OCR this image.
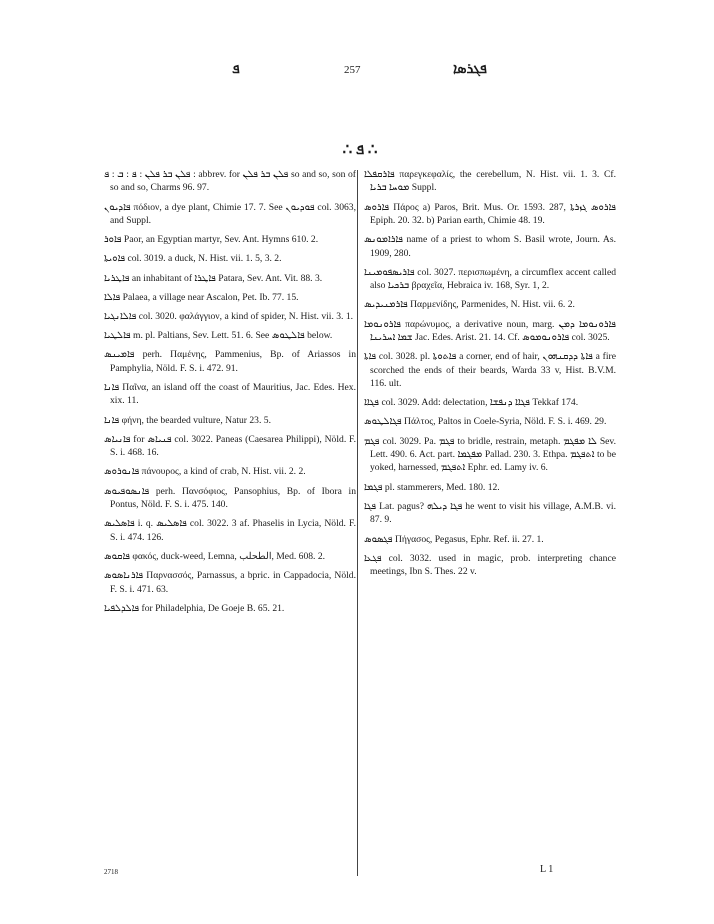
ܦ	257	ܦܓܪܣܐ
∴ ܦ ∴

ܦܠܢ ܒܪ ܦܠܢ : ܦ : ܒ : ܦ : abbrev. for ܦܠܢ ܒܪ ܦܠܢ so and so, son of so and so, Charms 96. 97.

ܦܐܕܝܘܢ πόδιον, a dye plant, Chimie 17. 7. See ܦܘܕܝܘܢ col. 3063, and Suppl.

ܦܐܘܪ Paor, an Egyptian martyr, Sev. Ant. Hymns 610. 2.

ܦܐܘܝܬܐ col. 3019. a duck, N. Hist. vii. 1. 5, 3. 2.

ܦܐܛܪܝܐ an inhabitant of ܦܐܛܪܐ Patara, Sev. Ant. Vit. 88. 3.

ܦܐܠܐ Palaea, a village near Ascalon, Pet. Ib. 77. 15.

ܦܐܠܐܢܓܝܐ col. 3020. φαλάγγιον, a kind of spider, N. Hist. vii. 3. 1.

ܦܐܠܛܝܐ m. pl. Paltians, Sev. Lett. 51. 6. See ܦܐܠܛܘܣ below.

ܦܐܡܝܢܣ perh. Παμένης, Pammenius, Bp. of Ariassos in Pamphylia, Nöld. F. S. i. 472. 91.

ܦܐܢܐ Παῖνα, an island off the coast of Mauritius, Jac. Edes. Hex. xix. 11.

ܦܐܢܐ φήνη, the bearded vulture, Natur 23. 5.

ܦܐܢܝܐܣ for ܦܢܝܐܣ col. 3022. Paneas (Caesarea Philippi), Nöld. F. S. i. 468. 16.

ܦܐܢܘܪܘܣ πάνουρος, a kind of crab, N. Hist. vii. 2. 2.

ܦܐܢܣܘܦܝܘܣ perh. Πανσόφιος, Pansophius, Bp. of Ibora in Pontus, Nöld. F. S. i. 475. 140.

ܦܐܣܠܝܣ i. q. ܦܐܣܠܝܣ col. 3022. 3 af. Phaselis in Lycia, Nöld. F. S. i. 474. 126.

ܦܐܩܘܣ φακός, duck-weed, Lemna, الطحلب, Med. 608. 2.

ܦܐܪܢܐܣܘܣ Παρνασσός, Parnassus, a bpric. in Cappadocia, Nöld. F. S. i. 471. 63.

ܦܐܠܕܠܦܝܐ for Philadelphia, De Goeje B. 65. 21.

ܦܐܪܩܦܠܐ παρεγκεφαλίς, the cerebellum, N. Hist. vii. 1. 3. Cf. ܡܘܚܐ ܒܪܝܐ Suppl.

ܦܐܪܘܣ Πάρος a) Paros, Brit. Mus. Or. 1593. 287, ܦܐܪܘܣ ܓܙܪܬܐ Epiph. 20. 32. b) Parian earth, Chimie 48. 19.

ܦܐܪܐܡܘܢܣ name of a priest to whom S. Basil wrote, Journ. As. 1909, 280.

ܦܐܪܝܣܦܘܡܝܢܐ col. 3027. περισπωμένη, a circumflex accent called also ܒܪܟܝܐ βραχεῖα, Hebraica iv. 168, Syr. 1, 2.

ܦܐܪܡܢܝܕܝܣ Παρμενίδης, Parmenides, N. Hist. vii. 6. 2.

ܦܐܪܘܢܘܡܐ παρώνυμος, a derivative noun, marg. ܦܐܪܘܢܘܡܐ ܕܡܢ ܫܡܐ ܐܚܪܝܢܐ Jac. Edes. Arist. 21. 14. Cf. ܦܐܪܘܢܘܡܘܣ col. 3025.

ܦܐܬܐ col. 3028. pl. ܦܐܬܘܬܐ a corner, end of hair, ܦܐܬܐ ܕܕܩܢܗܘܢ a fire scorched the ends of their beards, Warda 33 v, Hist. B.V.M. 116. ult.

ܦܓܐܐ col. 3029. Add: delectation, ܦܓܐܐ ܕܢܦܫܐ Tekkaf 174.

ܦܓܐܠܛܘܣ Πάλτος, Paltos in Coele-Syria, Nöld. F. S. i. 469. 29.

ܦܓܡ col. 3029. Pa. ܦܓܡ to bridle, restrain, metaph. ܠܐ ܡܦܓܡ Sev. Lett. 490. 6. Act. part. ܡܦܓܡܐ Pallad. 230. 3. Ethpa. ܐܬܦܓܡ to be yoked, harnessed, ܐܬܦܓܡ Ephr. ed. Lamy iv. 6.

ܦܓܡܐ pl. stammerers, Med. 180. 12.

ܦܓܐ Lat. pagus? ܦܓܐ ܕܝܠܗ he went to visit his village, A.M.B. vi. 87. 9.

ܦܓܣܘܣ Πήγασος, Pegasus, Ephr. Ref. ii. 27. 1.

ܦܓܥܐ col. 3032. used in magic, prob. interpreting chance meetings, Ibn S. Thes. 22 v.

2718	L 1
